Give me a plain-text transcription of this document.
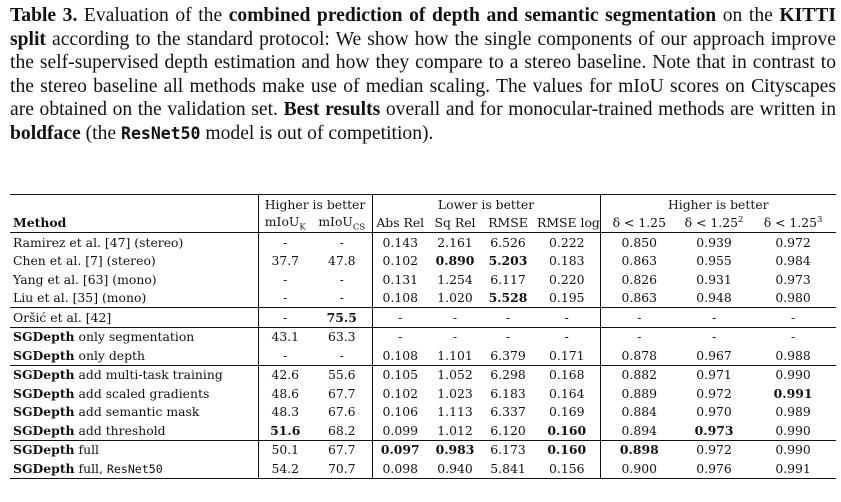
Table 3. Evaluation of the combined prediction of depth and semantic segmentation on the KITTI split according to the standard protocol: We show how the single components of our approach improve the self-supervised depth estimation and how they compare to a stereo baseline. Note that in contrast to the stereo baseline all methods make use of median scaling. The values for mIoU scores on Cityscapes are obtained on the validation set. Best results overall and for monocular-trained methods are written in boldface (the ResNet50 model is out of competition).
	Higher is better		Lower is better				Higher is better		
Method	mIoU$_K$	mIoU$_{CS}$	Abs Rel	Sq Rel	RMSE	RMSE log	δ < 1.25	$\delta < 1.25^2$	$\delta < 1.25^3$
Ramirez et al. [47] (stereo)	-	-	0.143	2.161	6.526	0.222	0.850	0.939	0.972
Chen et al. [7] (stereo)	37.7	47.8	0.102	0.890	5.203	0.183	0.863	0.955	0.984
Yang et al. [63] (mono)	-	-	0.131	1.254	6.117	0.220	0.826	0.931	0.973
Liu et al. [35] (mono)	-	-	0.108	1.020	5.528	0.195	0.863	0.948	0.980
Oršić et al. [42]	-	75.5	-	-	-	-	-	-	-
SGDepth only segmentation	43.1	63.3	-	-	-	-	-	-	-
SGDepth only depth	-	-	0.108	1.101	6.379	0.171	0.878	0.967	0.988
SGDepth add multi-task training	42.6	55.6	0.105	1.052	6.298	0.168	0.882	0.971	0.990
SGDepth add scaled gradients	48.6	67.7	0.102	1.023	6.183	0.164	0.889	0.972	0.991
SGDepth add semantic mask	48.3	67.6	0.106	1.113	6.337	0.169	0.884	0.970	0.989
SGDepth add threshold	51.6	68.2	0.099	1.012	6.120	0.160	0.894	0.973	0.990
SGDepth full	50.1	67.7	0.097	0.983	6.173	0.160	0.898	0.972	0.990
SGDepth full, ResNet50	54.2	70.7	0.098	0.940	5.841	0.156	0.900	0.976	0.991
